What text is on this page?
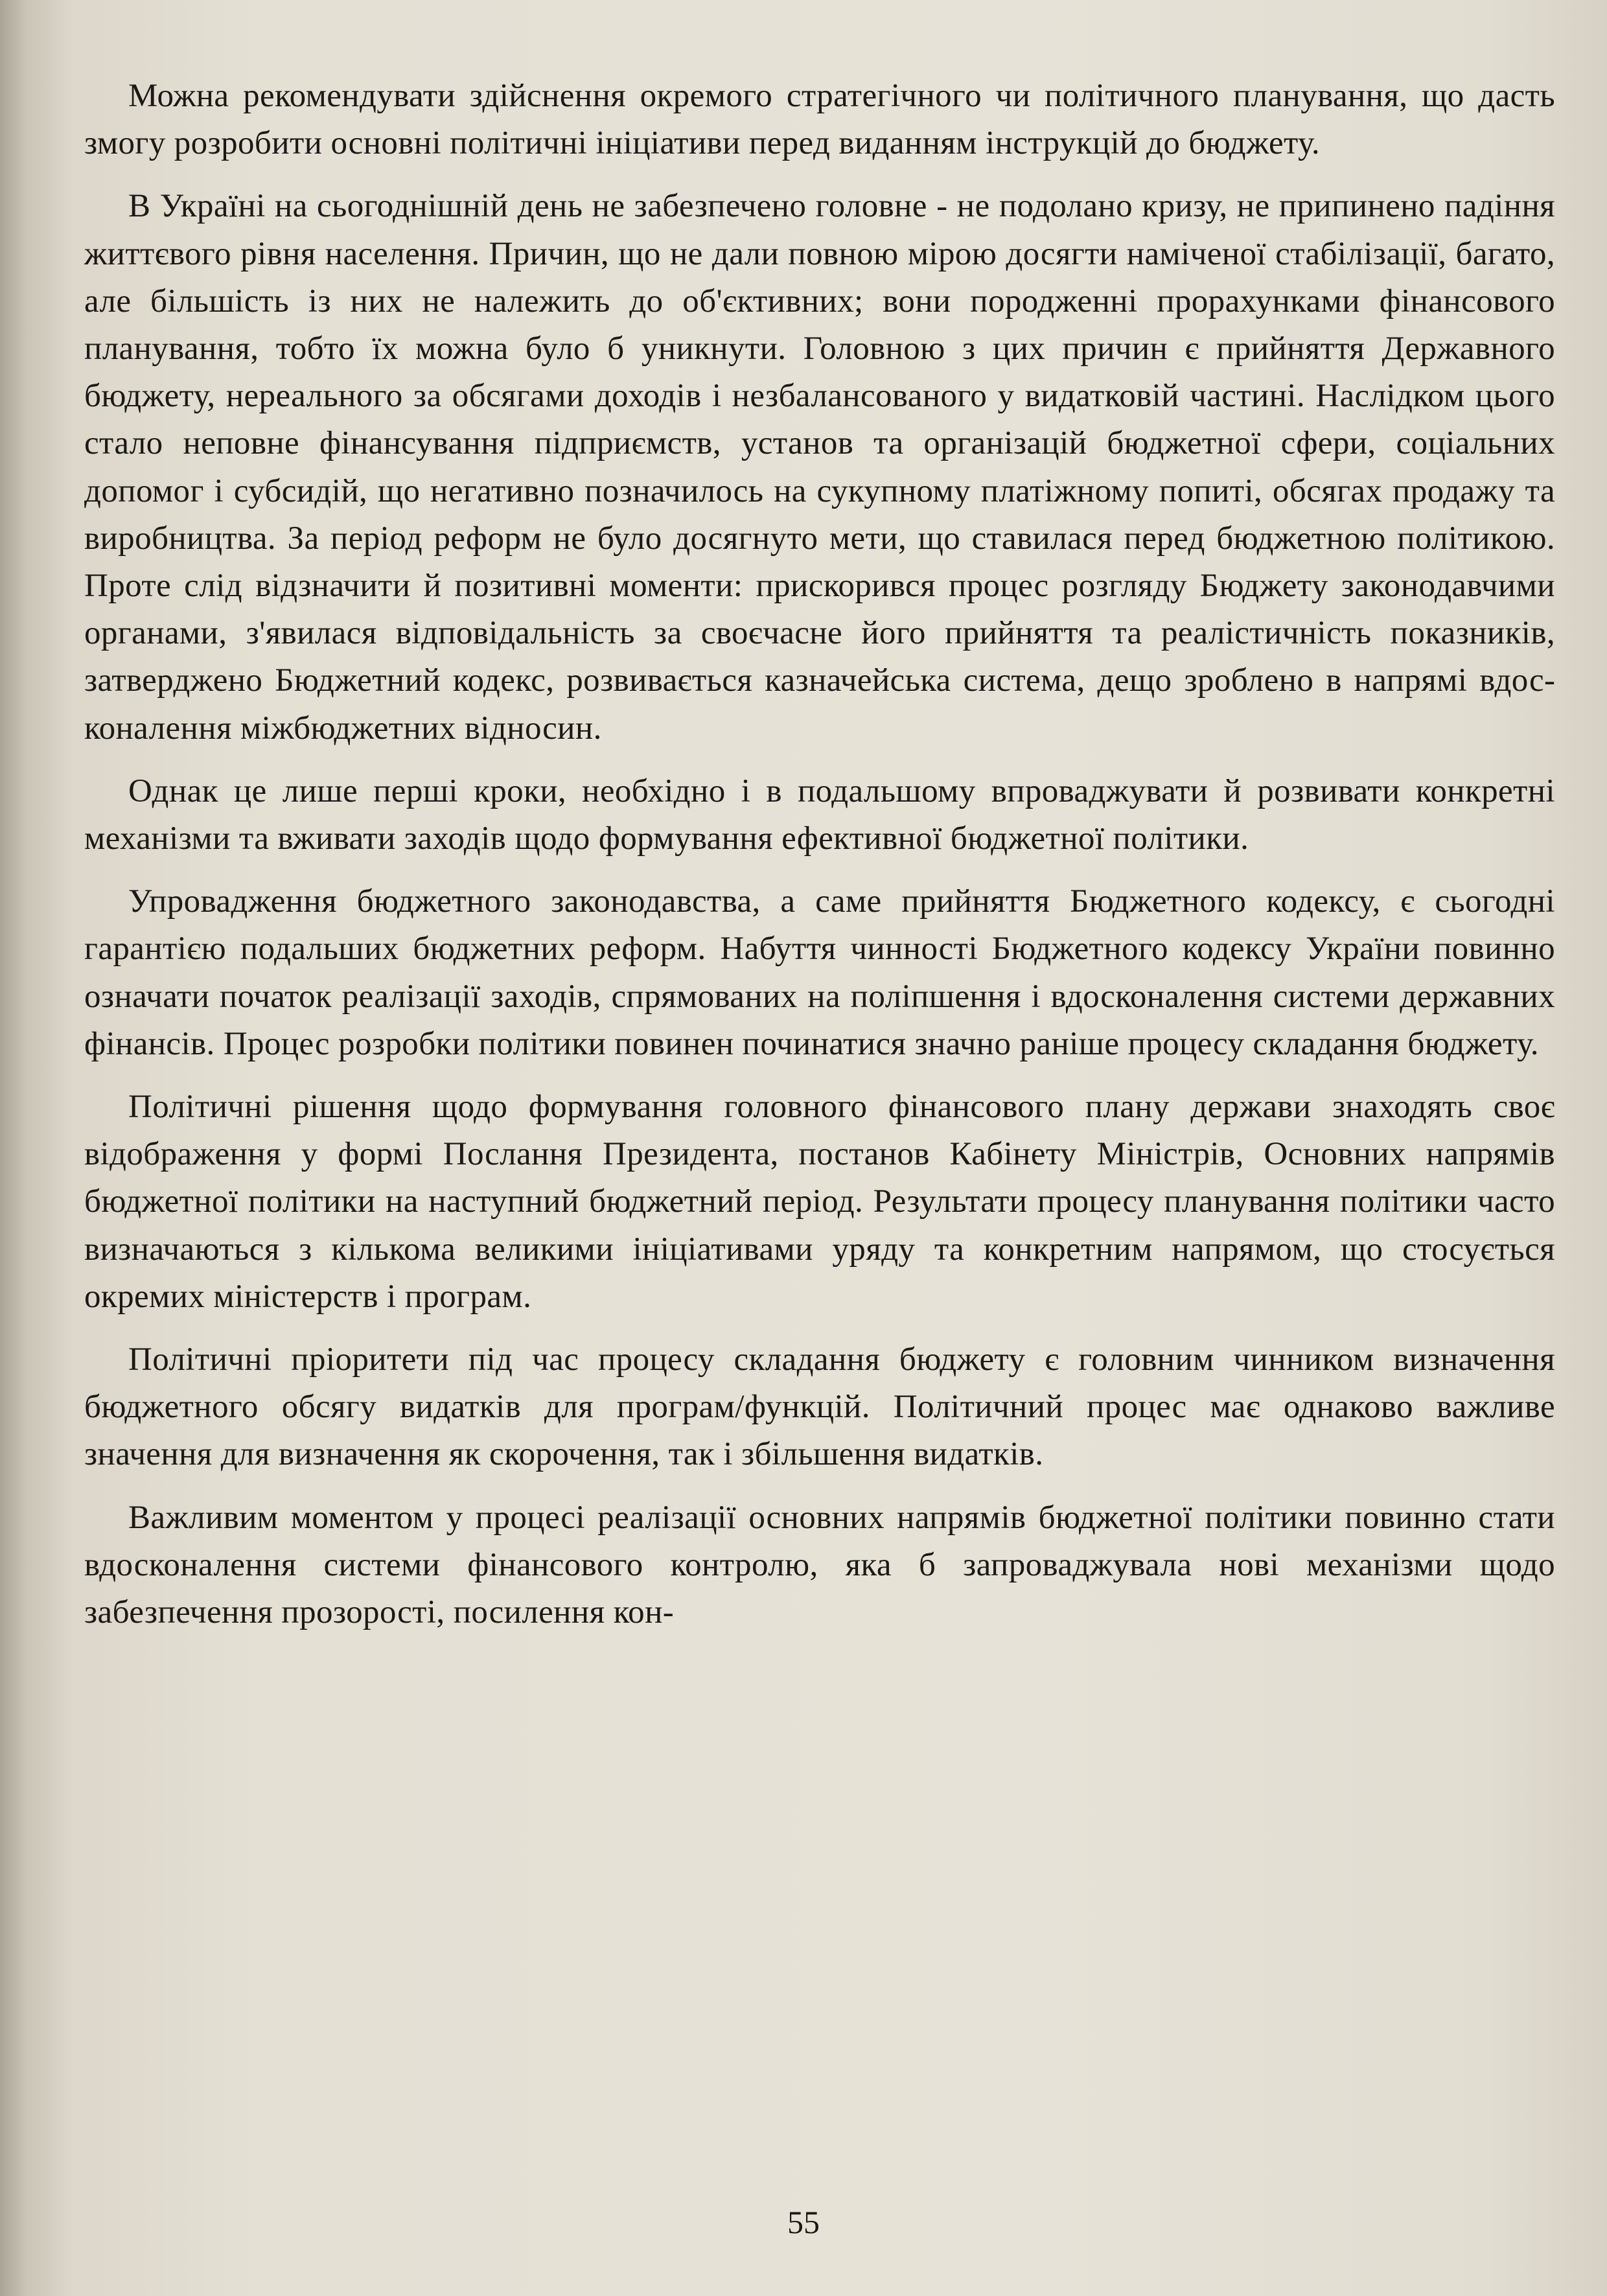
Можна рекомендувати здійснення окремого стратегічного чи політичного планування, що дасть змогу розробити основні політичні ініціативи перед виданням інструкцій до бюджету.

В Україні на сьогоднішній день не забезпечено головне - не подолано кризу, не припинено падіння життєвого рівня населення. Причин, що не дали повною мірою досягти наміченої стабілізації, багато, але більшість із них не належить до об'єктивних; вони породженні прорахунками фінансового планування, тобто їх можна було б уникнути. Головною з цих причин є прийняття Державного бюджету, нереального за обсягами доходів і незбалансованого у видатковій частині. Наслідком цього стало неповне фінансування підприємств, установ та організацій бюджетної сфери, соціальних допомог і субсидій, що негативно позначилось на сукупному платіжному попиті, обсягах продажу та виробництва. За період реформ не було досягнуто мети, що ставилася перед бюджетною політикою. Проте слід відзначити й позитивні моменти: прискорився процес розгляду Бюджету законодавчими органами, з'явилася відповідальність за своєчасне його прийняття та реалістичність показників, затверджено Бюджетний кодекс, розвивається казначейська система, дещо зроблено в напрямі вдосконалення міжбюджетних відносин.

Однак це лише перші кроки, необхідно і в подальшому впроваджувати й розвивати конкретні механізми та вживати заходів щодо формування ефективної бюджетної політики.

Упровадження бюджетного законодавства, а саме прийняття Бюджетного кодексу, є сьогодні гарантією подальших бюджетних реформ. Набуття чинності Бюджетного кодексу України повинно означати початок реалізації заходів, спрямованих на поліпшення і вдосконалення системи державних фінансів. Процес розробки політики повинен починатися значно раніше процесу складання бюджету.

Політичні рішення щодо формування головного фінансового плану держави знаходять своє відображення у формі Послання Президента, постанов Кабінету Міністрів, Основних напрямів бюджетної політики на наступний бюджетний період. Результати процесу планування політики часто визначаються з кількома великими ініціативами уряду та конкретним напрямом, що стосується окремих міністерств і програм.

Політичні пріоритети під час процесу складання бюджету є головним чинником визначення бюджетного обсягу видатків для програм/функцій. Політичний процес має однаково важливе значення для визначення як скорочення, так і збільшення видатків.

Важливим моментом у процесі реалізації основних напрямів бюджетної політики повинно стати вдосконалення системи фінансового контролю, яка б запроваджувала нові механізми щодо забезпечення прозорості, посилення кон-

55
